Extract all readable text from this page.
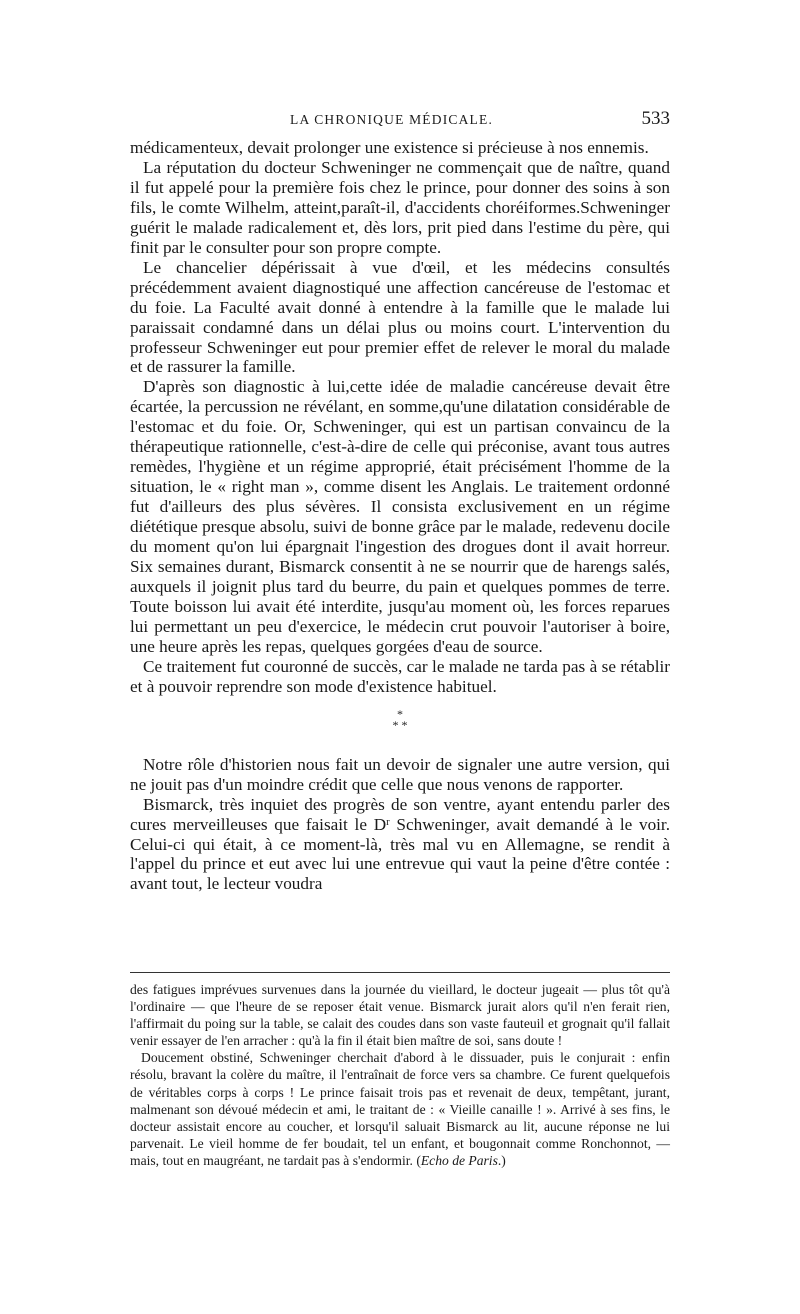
LA CHRONIQUE MÉDICALE.	533

médicamenteux, devait prolonger une existence si précieuse à nos ennemis.

La réputation du docteur Schweninger ne commençait que de naître, quand il fut appelé pour la première fois chez le prince, pour donner des soins à son fils, le comte Wilhelm, atteint,paraît-il, d'accidents choréiformes.Schweninger guérit le malade radicalement et, dès lors, prit pied dans l'estime du père, qui finit par le consulter pour son propre compte.

Le chancelier dépérissait à vue d'œil, et les médecins consultés précédemment avaient diagnostiqué une affection cancéreuse de l'estomac et du foie. La Faculté avait donné à entendre à la famille que le malade lui paraissait condamné dans un délai plus ou moins court. L'intervention du professeur Schweninger eut pour premier effet de relever le moral du malade et de rassurer la famille.

D'après son diagnostic à lui,cette idée de maladie cancéreuse devait être écartée, la percussion ne révélant, en somme,qu'une dilatation considérable de l'estomac et du foie. Or, Schweninger, qui est un partisan convaincu de la thérapeutique rationnelle, c'est-à-dire de celle qui préconise, avant tous autres remèdes, l'hygiène et un régime approprié, était précisément l'homme de la situation, le « right man », comme disent les Anglais. Le traitement ordonné fut d'ailleurs des plus sévères. Il consista exclusivement en un régime diététique presque absolu, suivi de bonne grâce par le malade, redevenu docile du moment qu'on lui épargnait l'ingestion des drogues dont il avait horreur. Six semaines durant, Bismarck consentit à ne se nourrir que de harengs salés, auxquels il joignit plus tard du beurre, du pain et quelques pommes de terre. Toute boisson lui avait été interdite, jusqu'au moment où, les forces reparues lui permettant un peu d'exercice, le médecin crut pouvoir l'autoriser à boire, une heure après les repas, quelques gorgées d'eau de source.

Ce traitement fut couronné de succès, car le malade ne tarda pas à se rétablir et à pouvoir reprendre son mode d'existence habituel.

*
* *

Notre rôle d'historien nous fait un devoir de signaler une autre version, qui ne jouit pas d'un moindre crédit que celle que nous venons de rapporter.

Bismarck, très inquiet des progrès de son ventre, ayant entendu parler des cures merveilleuses que faisait le $D^r$ Schweninger, avait demandé à le voir. Celui-ci qui était, à ce moment-là, très mal vu en Allemagne, se rendit à l'appel du prince et eut avec lui une entrevue qui vaut la peine d'être contée : avant tout, le lecteur voudra

des fatigues imprévues survenues dans la journée du vieillard, le docteur jugeait — plus tôt qu'à l'ordinaire — que l'heure de se reposer était venue. Bismarck jurait alors qu'il n'en ferait rien, l'affirmait du poing sur la table, se calait des coudes dans son vaste fauteuil et grognait qu'il fallait venir essayer de l'en arracher : qu'à la fin il était bien maître de soi, sans doute !

Doucement obstiné, Schweninger cherchait d'abord à le dissuader, puis le conjurait : enfin résolu, bravant la colère du maître, il l'entraînait de force vers sa chambre. Ce furent quelquefois de véritables corps à corps ! Le prince faisait trois pas et revenait de deux, tempêtant, jurant, malmenant son dévoué médecin et ami, le traitant de : « Vieille canaille ! ». Arrivé à ses fins, le docteur assistait encore au coucher, et lorsqu'il saluait Bismarck au lit, aucune réponse ne lui parvenait. Le vieil homme de fer boudait, tel un enfant, et bougonnait comme Ronchonnot, — mais, tout en maugréant, ne tardait pas à s'endormir. (Echo de Paris.)
